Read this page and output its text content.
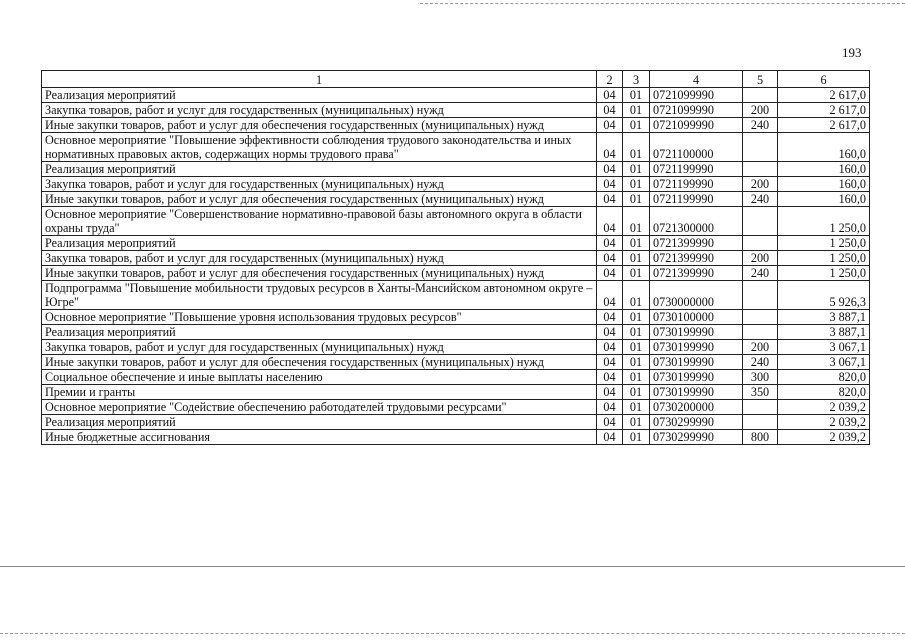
193
1	2	3	4	5	6
Реализация мероприятий	04	01	0721099990		2 617,0
Закупка товаров, работ и услуг для государственных (муниципальных) нужд	04	01	0721099990	200	2 617,0
Иные закупки товаров, работ и услуг для обеспечения государственных (муниципальных) нужд	04	01	0721099990	240	2 617,0
Основное мероприятие "Повышение эффективности соблюдения трудового законодательства и иных нормативных правовых актов, содержащих нормы трудового права"	04	01	0721100000		160,0
Реализация мероприятий	04	01	0721199990		160,0
Закупка товаров, работ и услуг для государственных (муниципальных) нужд	04	01	0721199990	200	160,0
Иные закупки товаров, работ и услуг для обеспечения государственных (муниципальных) нужд	04	01	0721199990	240	160,0
Основное мероприятие "Совершенствование нормативно-правовой базы автономного округа в области охраны труда"	04	01	0721300000		1 250,0
Реализация мероприятий	04	01	0721399990		1 250,0
Закупка товаров, работ и услуг для государственных (муниципальных) нужд	04	01	0721399990	200	1 250,0
Иные закупки товаров, работ и услуг для обеспечения государственных (муниципальных) нужд	04	01	0721399990	240	1 250,0
Подпрограмма "Повышение мобильности трудовых ресурсов в Ханты-Мансийском автономном округе – Югре"	04	01	0730000000		5 926,3
Основное мероприятие "Повышение уровня использования трудовых ресурсов"	04	01	0730100000		3 887,1
Реализация мероприятий	04	01	0730199990		3 887,1
Закупка товаров, работ и услуг для государственных (муниципальных) нужд	04	01	0730199990	200	3 067,1
Иные закупки товаров, работ и услуг для обеспечения государственных (муниципальных) нужд	04	01	0730199990	240	3 067,1
Социальное обеспечение и иные выплаты населению	04	01	0730199990	300	820,0
Премии и гранты	04	01	0730199990	350	820,0
Основное мероприятие "Содействие обеспечению работодателей трудовыми ресурсами"	04	01	0730200000		2 039,2
Реализация мероприятий	04	01	0730299990		2 039,2
Иные бюджетные ассигнования	04	01	0730299990	800	2 039,2
